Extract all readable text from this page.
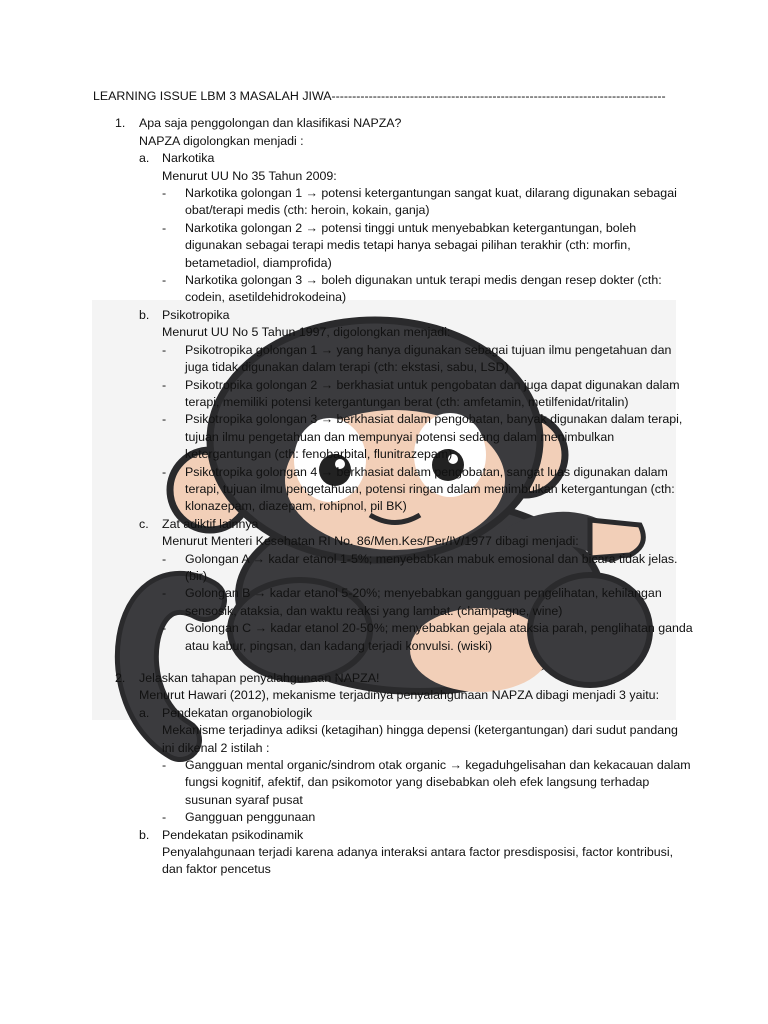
LEARNING ISSUE LBM 3 MASALAH JIWA---------------------------------------------------------------------------------
1. Apa saja penggolongan dan klasifikasi NAPZA?
NAPZA digolongkan menjadi :
a. Narkotika
Menurut UU No 35 Tahun 2009:
- Narkotika golongan 1 → potensi ketergantungan sangat kuat, dilarang digunakan sebagai obat/terapi medis (cth: heroin, kokain, ganja)
- Narkotika golongan 2 → potensi tinggi untuk menyebabkan ketergantungan, boleh digunakan sebagai terapi medis tetapi hanya sebagai pilihan terakhir (cth: morfin, betametadiol, diamprofida)
- Narkotika golongan 3 → boleh digunakan untuk terapi medis dengan resep dokter (cth: codein, asetildehidrokodeina)
b. Psikotropika
Menurut UU No 5 Tahun 1997, digolongkan menjadi:
- Psikotropika golongan 1 → yang hanya digunakan sebagai tujuan ilmu pengetahuan dan juga tidak digunakan dalam terapi (cth: ekstasi, sabu, LSD)
- Psikotropika golongan 2 → berkhasiat untuk pengobatan dan juga dapat digunakan dalam terapi, memiliki potensi ketergantungan berat (cth: amfetamin, metilfenidat/ritalin)
- Psikotropika golongan 3 → berkhasiat dalam pengobatan, banyak digunakan dalam terapi, tujuan ilmu pengetahuan dan mempunyai potensi sedang dalam menimbulkan ketergantungan (cth: fenobarbital, flunitrazepam)
- Psikotropika golongan 4 → berkhasiat dalam pengobatan, sangat luas digunakan dalam terapi, tujuan ilmu pengetahuan, potensi ringan dalam menimbulkan ketergantungan (cth: klonazepam, diazepam, rohipnol, pil BK)
c. Zat adiktif lainnya
Menurut Menteri Kesehatan RI No. 86/Men.Kes/Per/IV/1977 dibagi menjadi:
- Golongan A → kadar etanol 1-5%; menyebabkan mabuk emosional dan bicara tidak jelas. (bir)
- Golongan B → kadar etanol 5-20%; menyebabkan gangguan pengelihatan, kehilangan sensosik, ataksia, dan waktu reaksi yang lambat. (champagne, wine)
- Golongan C → kadar etanol 20-50%; menyebabkan gejala ataksia parah, penglihatan ganda atau kabur, pingsan, dan kadang terjadi konvulsi. (wiski)
2. Jelaskan tahapan penyalahgunaan NAPZA!
Menurut Hawari (2012), mekanisme terjadinya penyalahgunaan NAPZA dibagi menjadi 3 yaitu:
a. Pendekatan organobiologik
Mekanisme terjadinya adiksi (ketagihan) hingga depensi (ketergantungan) dari sudut pandang ini dikenal 2 istilah :
- Gangguan mental organic/sindrom otak organic → kegaduhgelisahan dan kekacauan dalam fungsi kognitif, afektif, dan psikomotor yang disebabkan oleh efek langsung terhadap susunan syaraf pusat
- Gangguan penggunaan
b. Pendekatan psikodinamik
Penyalahgunaan terjadi karena adanya interaksi antara factor presdisposisi, factor kontribusi, dan faktor pencetus
